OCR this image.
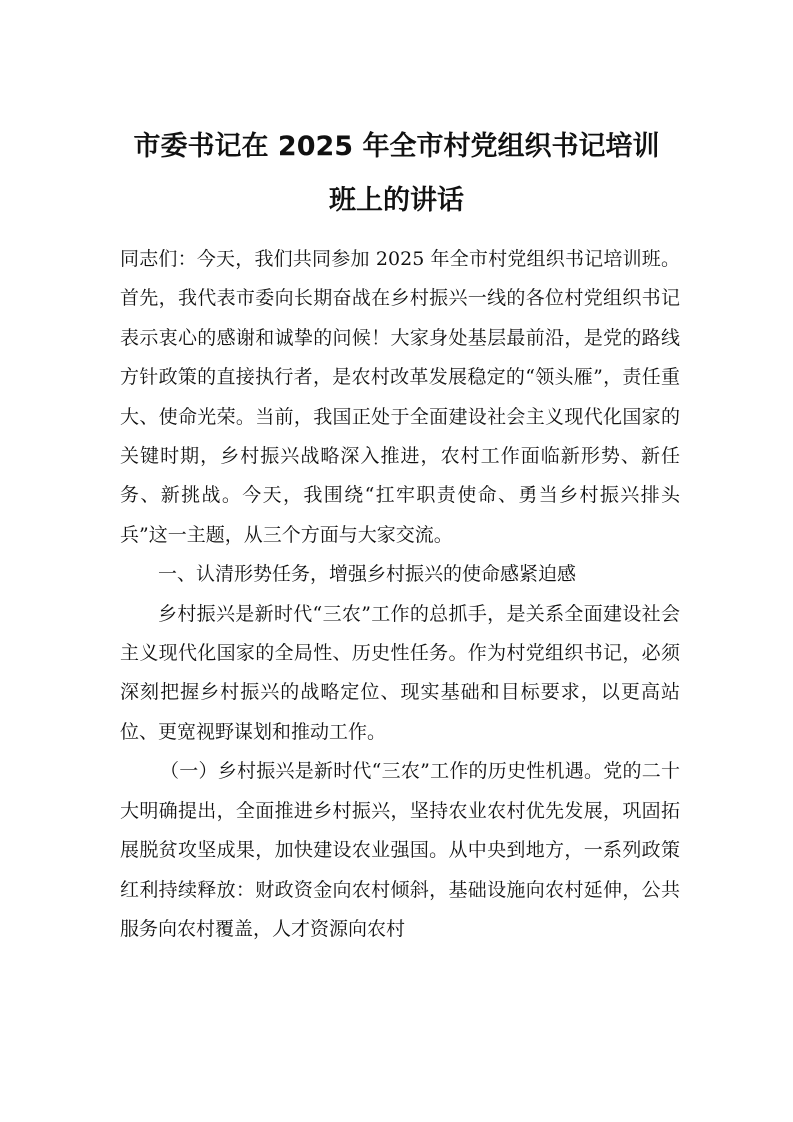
市委书记在 2025 年全市村党组织书记培训
班上的讲话

同志们：今天，我们共同参加 2025 年全市村党组织书记培训班。首先，我代表市委向长期奋战在乡村振兴一线的各位村党组织书记表示衷心的感谢和诚挚的问候！大家身处基层最前沿，是党的路线方针政策的直接执行者，是农村改革发展稳定的“领头雁”，责任重大、使命光荣。当前，我国正处于全面建设社会主义现代化国家的关键时期，乡村振兴战略深入推进，农村工作面临新形势、新任务、新挑战。今天，我围绕“扛牢职责使命、勇当乡村振兴排头兵”这一主题，从三个方面与大家交流。

一、认清形势任务，增强乡村振兴的使命感紧迫感

乡村振兴是新时代“三农”工作的总抓手，是关系全面建设社会主义现代化国家的全局性、历史性任务。作为村党组织书记，必须深刻把握乡村振兴的战略定位、现实基础和目标要求，以更高站位、更宽视野谋划和推动工作。

（一）乡村振兴是新时代“三农”工作的历史性机遇。党的二十大明确提出，全面推进乡村振兴，坚持农业农村优先发展，巩固拓展脱贫攻坚成果，加快建设农业强国。从中央到地方，一系列政策红利持续释放：财政资金向农村倾斜，基础设施向农村延伸，公共服务向农村覆盖，人才资源向农村
